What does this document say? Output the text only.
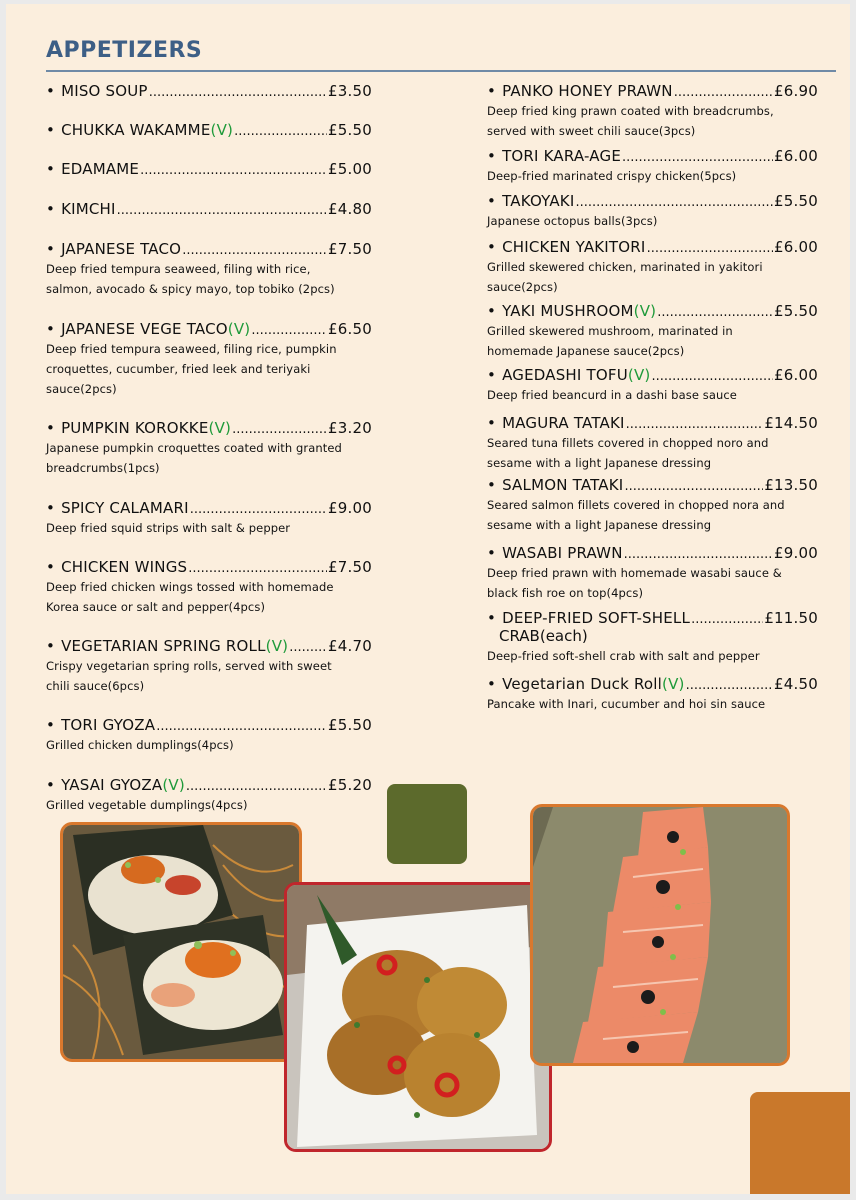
APPETIZERS
• MISO SOUP .....	£3.50
• CHUKKA WAKAMME (V) .....	£5.50
• EDAMAME .....	£5.00
• KIMCHI .....	£4.80
• JAPANESE TACO .....	£7.50
Deep fried tempura seaweed, filing with rice, salmon, avocado & spicy mayo, top tobiko (2pcs)
• JAPANESE VEGE TACO (V) .....	£6.50
Deep fried tempura seaweed, filing rice, pumpkin croquettes, cucumber, fried leek and teriyaki sauce(2pcs)
• PUMPKIN KOROKKE (V) .....	£3.20
Japanese pumpkin croquettes coated with granted breadcrumbs(1pcs)
• SPICY CALAMARI .....	£9.00
Deep fried squid strips with salt & pepper
• CHICKEN WINGS .....	£7.50
Deep fried chicken wings tossed with homemade Korea sauce or salt and pepper(4pcs)
• VEGETARIAN SPRING ROLL (V) .....	£4.70
Crispy vegetarian spring rolls, served with sweet chili sauce(6pcs)
• TORI GYOZA .....	£5.50
Grilled chicken dumplings(4pcs)
• YASAI GYOZA (V) .....	£5.20
Grilled vegetable dumplings(4pcs)
• PANKO HONEY PRAWN .....	£6.90
Deep fried king prawn coated with breadcrumbs, served with sweet chili sauce(3pcs)
• TORI KARA-AGE .....	£6.00
Deep-fried marinated crispy chicken(5pcs)
• TAKOYAKI .....	£5.50
Japanese octopus balls(3pcs)
• CHICKEN YAKITORI .....	£6.00
Grilled skewered chicken, marinated in yakitori sauce(2pcs)
• YAKI MUSHROOM (V) .....	£5.50
Grilled skewered mushroom, marinated in homemade Japanese sauce(2pcs)
• AGEDASHI TOFU (V) .....	£6.00
Deep fried beancurd in a dashi base sauce
• MAGURA TATAKI .....	£14.50
Seared tuna fillets covered in chopped noro and sesame with a light Japanese dressing
• SALMON TATAKI .....	£13.50
Seared salmon fillets covered in chopped nora and sesame with a light Japanese dressing
• WASABI PRAWN .....	£9.00
Deep fried prawn with homemade wasabi sauce & black fish roe on top(4pcs)
• DEEP-FRIED SOFT-SHELL .....	£11.50
CRAB(each)
Deep-fried soft-shell crab with salt and pepper
• Vegetarian Duck Roll (V) .....	£4.50
Pancake with Inari, cucumber and hoi sin sauce
